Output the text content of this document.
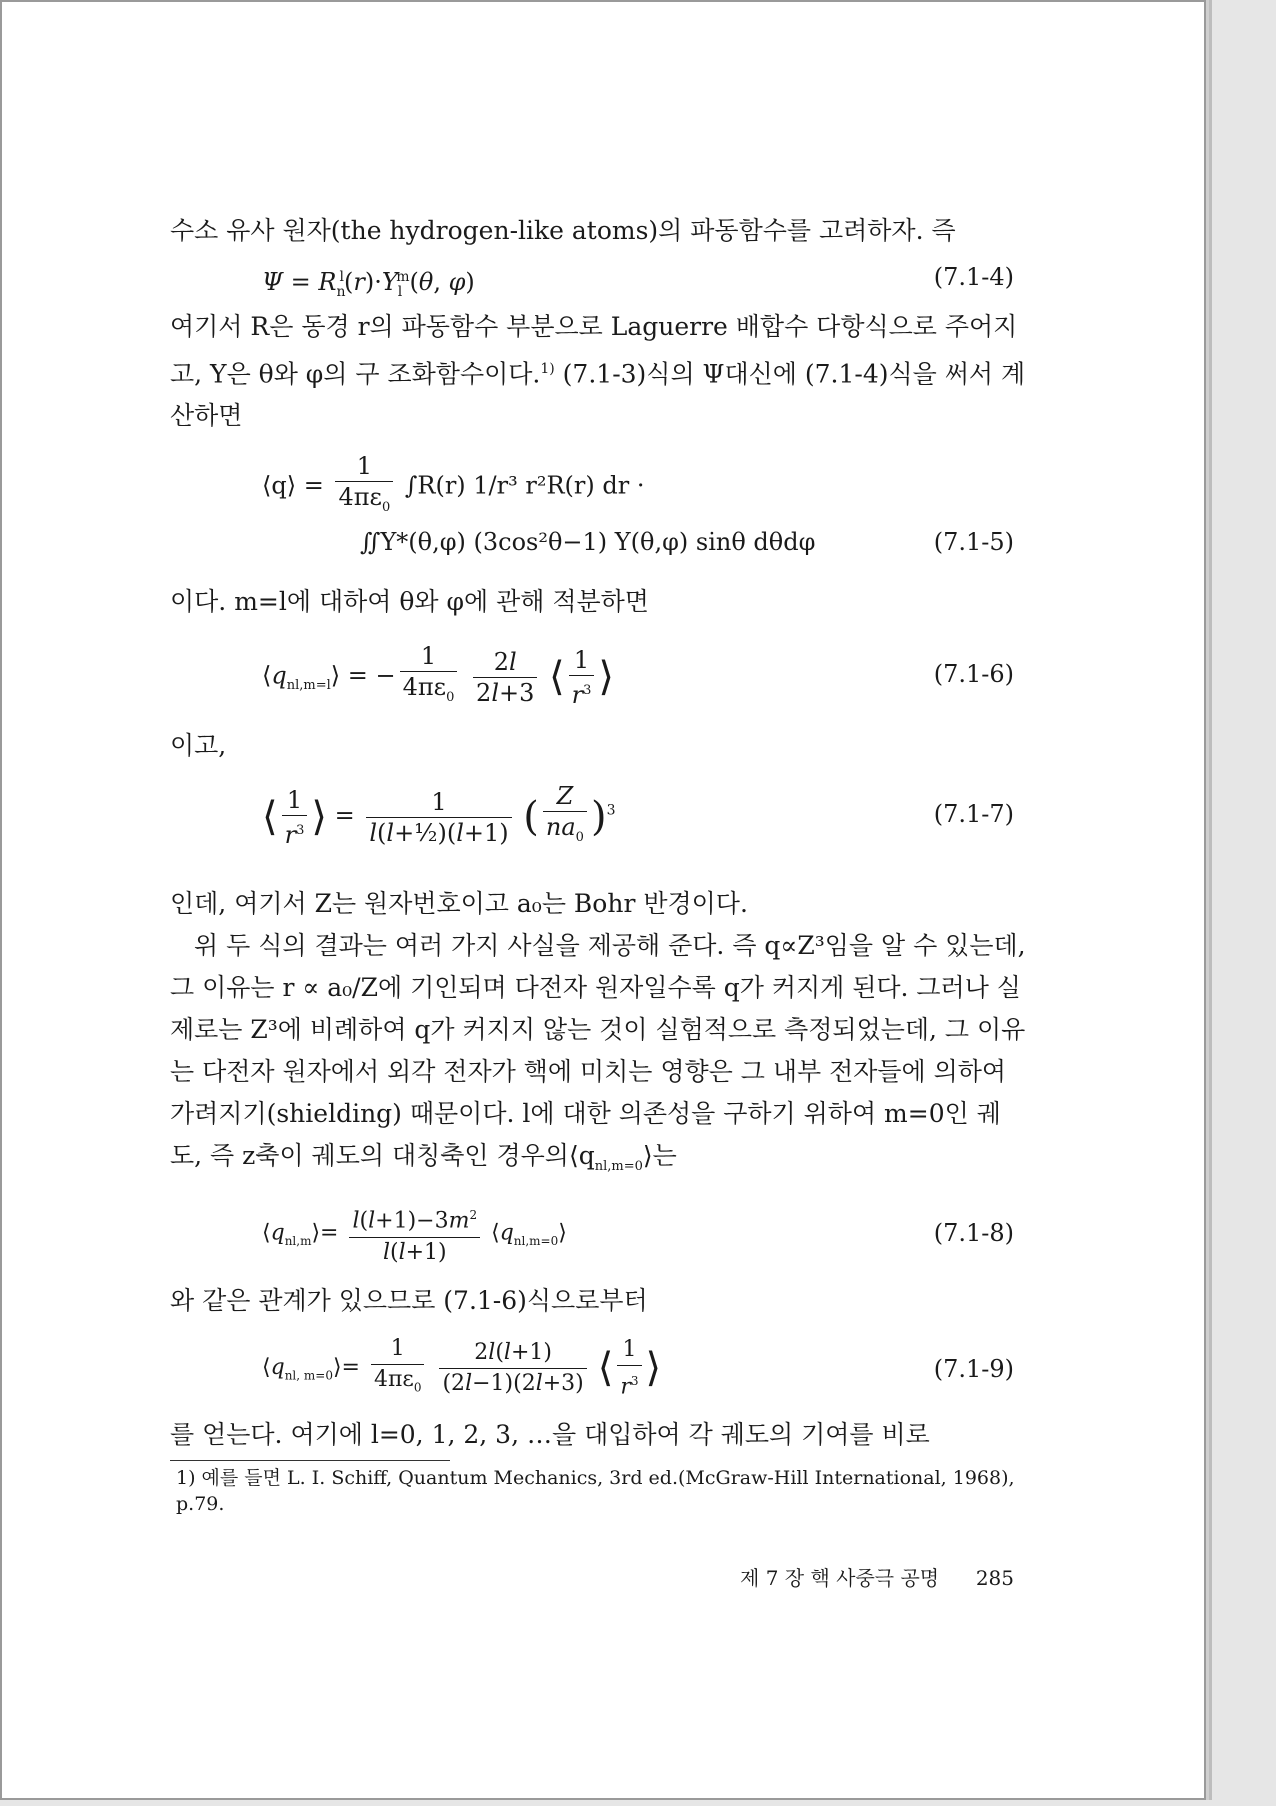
수소 유사 원자(the hydrogen-like atoms)의 파동함수를 고려하자. 즉

$\Psi = R_n^l(r)\cdot Y_l^m(\theta$, φ)	(7.1-4)

여기서 R은 동경 r의 파동함수 부분으로 Laguerre 배합수 다항식으로 주어지고, Y은 θ와 φ의 구 조화함수이다.$^{1)}$ (7.1-3)식의 Ψ대신에 (7.1-4)식을 써서 계산하면

⟨q⟩ = $\frac{1}{4\pi\varepsilon_0} \int R(r)$ 1/r³ r²R(r) dr ·
∬Y*(θ,φ) (3cos²θ−1) Y(θ,φ) sinθ dθdφ	(7.1-5)

이다. m=l에 대하여 θ와 φ에 관해 적분하면

$⟨q_{nl,m=l}⟩$ = − $\frac{1}{4\pi\varepsilon_0}$
$\frac{2l}{2l+3}$ ⟨ $\frac{1}{r^3}$ ⟩	(7.1-6)

이고,

⟨ $\frac{1}{r^3}$ ⟩ = $\frac{1}{\text{l(l+½)(l+1)}}$ ( $\frac{Z}{na_0} )^3$	(7.1-7)

인데, 여기서 Z는 원자번호이고 a₀는 Bohr 반경이다.

위 두 식의 결과는 여러 가지 사실을 제공해 준다. 즉 q∝Z³임을 알 수 있는데, 그 이유는 r ∝ a₀/Z에 기인되며 다전자 원자일수록 q가 커지게 된다. 그러나 실제로는 Z³에 비례하여 q가 커지지 않는 것이 실험적으로 측정되었는데, 그 이유는 다전자 원자에서 외각 전자가 핵에 미치는 영향은 그 내부 전자들에 의하여 가려지기(shielding) 때문이다. l에 대한 의존성을 구하기 위하여 m=0인 궤도, 즉 z축이 궤도의 대칭축인 경우의$⟨q_{nl,m=0}⟩$는

$⟨q_{nl,m}⟩= \frac{l(l+1)-3m^2}{l(l+1)}$ $⟨q_{nl,m=0}⟩$	(7.1-8)

와 같은 관계가 있으므로 (7.1-6)식으로부터

$⟨q_{nl, m=0}⟩= \frac{1}{4\pi\varepsilon_0}$
$\frac{2l(l+1)}{(2l-1)(2l+3)}$ ⟨ $\frac{1}{r^3}$ ⟩	(7.1-9)

를 얻는다. 여기에 l=0, 1, 2, 3, …을 대입하여 각 궤도의 기여를 비로

1) 예를 들면 L. I. Schiff, Quantum Mechanics, 3rd ed.(McGraw-Hill International, 1968), p.79.

제 7 장 핵 사중극 공명 285
